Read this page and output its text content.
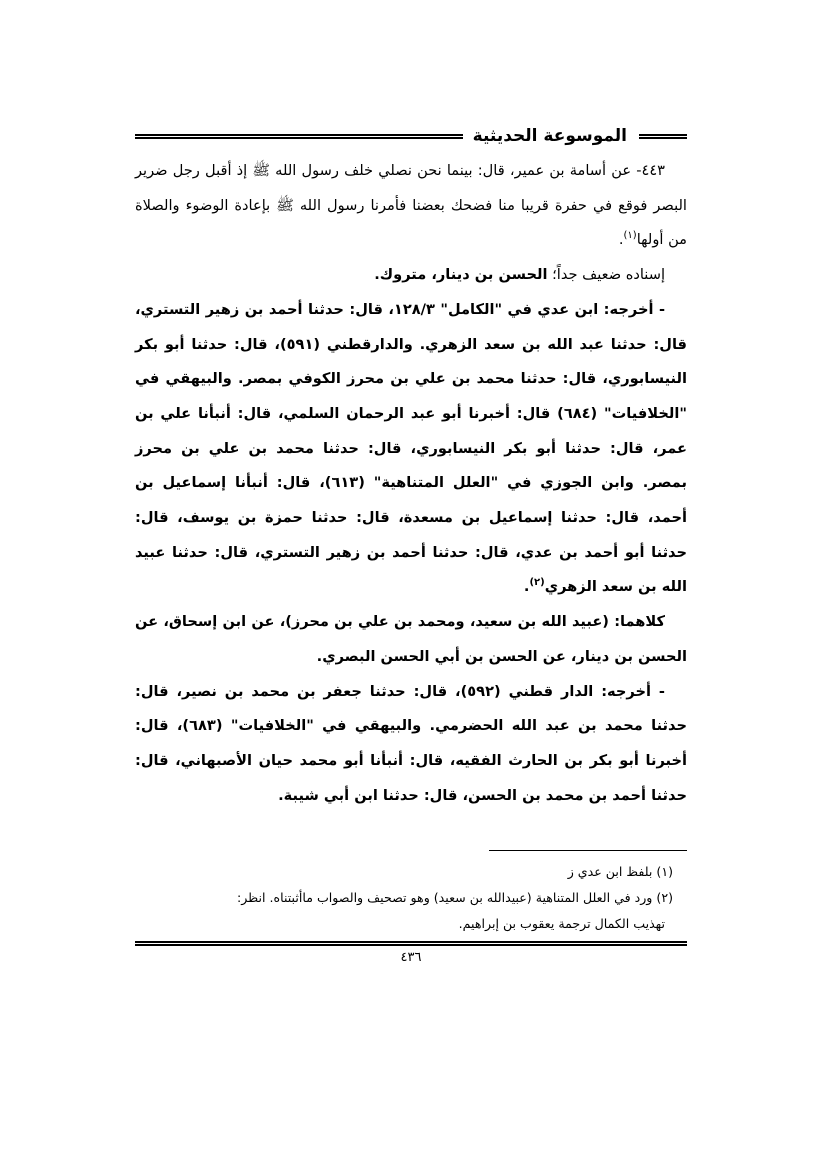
الموسوعة الحديثية

٤٤٣- عن أسامة بن عمير، قال: بينما نحن نصلي خلف رسول الله ﷺ إذ أقبل رجل ضرير البصر فوقع في حفرة قريبا منا فضحك بعضنا فأمرنا رسول الله ﷺ بإعادة الوضوء والصلاة من أولها$^{(١)}$.

إسناده ضعيف جداً؛ الحسن بن دينار، متروك.

- أخرجه: ابن عدي في "الكامل" ١٢٨/٣، قال: حدثنا أحمد بن زهير التستري، قال: حدثنا عبد الله بن سعد الزهري. والدارقطني (٥٩١)، قال: حدثنا أبو بكر النيسابوري، قال: حدثنا محمد بن علي بن محرز الكوفي بمصر. والبيهقي في "الخلافيات" (٦٨٤) قال: أخبرنا أبو عبد الرحمان السلمي، قال: أنبأنا علي بن عمر، قال: حدثنا أبو بكر النيسابوري، قال: حدثنا محمد بن علي بن محرز بمصر. وابن الجوزي في "العلل المتناهية" (٦١٣)، قال: أنبأنا إسماعيل بن أحمد، قال: حدثنا إسماعيل بن مسعدة، قال: حدثنا حمزة بن يوسف، قال: حدثنا أبو أحمد بن عدي، قال: حدثنا أحمد بن زهير التستري، قال: حدثنا عبيد الله بن سعد الزهري$^{(٢)}$.

كلاهما: (عبيد الله بن سعيد، ومحمد بن علي بن محرز)، عن ابن إسحاق، عن الحسن بن دينار، عن الحسن بن أبي الحسن البصري.

- أخرجه: الدار قطني (٥٩٢)، قال: حدثنا جعفر بن محمد بن نصير، قال: حدثنا محمد بن عبد الله الحضرمي. والبيهقي في "الخلافيات" (٦٨٣)، قال: أخبرنا أبو بكر بن الحارث الفقيه، قال: أنبأنا أبو محمد حيان الأصبهاني، قال: حدثنا أحمد بن محمد بن الحسن، قال: حدثنا ابن أبي شيبة.

(١) بلفظ ابن عدي ز
(٢) ورد في العلل المتناهية (عبيدالله بن سعيد) وهو تصحيف والصواب ماأثبتناه. انظر:
تهذيب الكمال ترجمة يعقوب بن إبراهيم.
٤٣٦
